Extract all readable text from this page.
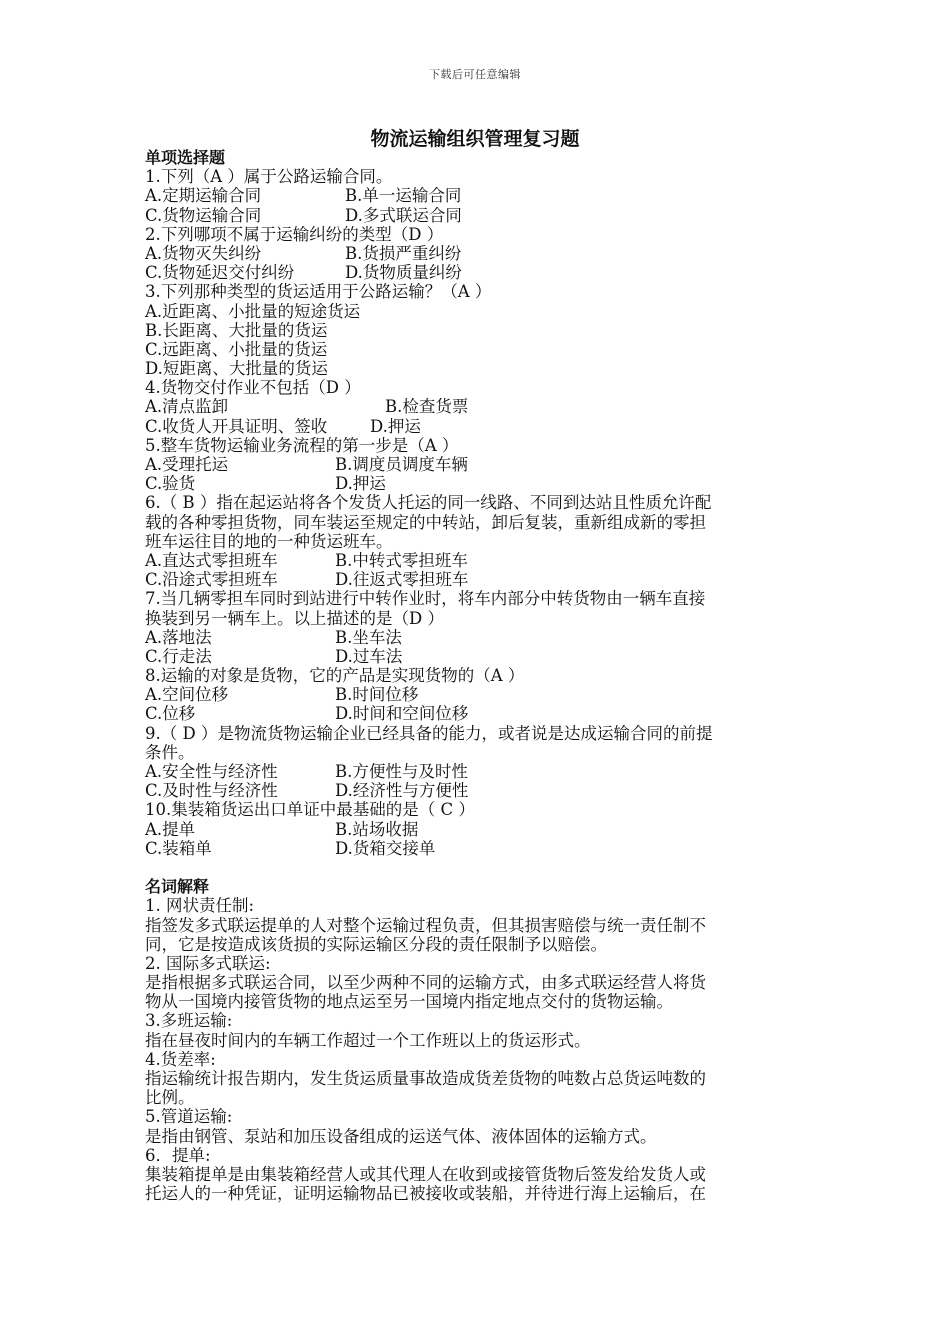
下载后可任意编辑
物流运输组织管理复习题
单项选择题
1.下列（A ）属于公路运输合同。
A.定期运输合同	B.单一运输合同
C.货物运输合同	D.多式联运合同
2.下列哪项不属于运输纠纷的类型（D ）
A.货物灭失纠纷	B.货损严重纠纷
C.货物延迟交付纠纷	D.货物质量纠纷
3.下列那种类型的货运适用于公路运输？（A ）
A.近距离、小批量的短途货运
B.长距离、大批量的货运
C.远距离、小批量的货运
D.短距离、大批量的货运
4.货物交付作业不包括（D ）
A.清点监卸	B.检查货票
C.收货人开具证明、签收	D.押运
5.整车货物运输业务流程的第一步是（A ）
A.受理托运	B.调度员调度车辆
C.验货	D.押运
6.（ B ）指在起运站将各个发货人托运的同一线路、不同到达站且性质允许配
载的各种零担货物，同车装运至规定的中转站，卸后复装，重新组成新的零担
班车运往目的地的一种货运班车。
A.直达式零担班车	B.中转式零担班车
C.沿途式零担班车	D.往返式零担班车
7.当几辆零担车同时到站进行中转作业时，将车内部分中转货物由一辆车直接
换装到另一辆车上。以上描述的是（D ）
A.落地法	B.坐车法
C.行走法	D.过车法
8.运输的对象是货物，它的产品是实现货物的（A ）
A.空间位移	B.时间位移
C.位移	D.时间和空间位移
9.（ D ）是物流货物运输企业已经具备的能力，或者说是达成运输合同的前提
条件。
A.安全性与经济性	B.方便性与及时性
C.及时性与经济性	D.经济性与方便性
10.集装箱货运出口单证中最基础的是（ C ）
A.提单	B.站场收据
C.装箱单	D.货箱交接单
名词解释
1. 网状责任制:
指签发多式联运提单的人对整个运输过程负责，但其损害赔偿与统一责任制不
同，它是按造成该货损的实际运输区分段的责任限制予以赔偿。
2. 国际多式联运:
是指根据多式联运合同，以至少两种不同的运输方式，由多式联运经营人将货
物从一国境内接管货物的地点运至另一国境内指定地点交付的货物运输。
3.多班运输:
指在昼夜时间内的车辆工作超过一个工作班以上的货运形式。
4.货差率:
指运输统计报告期内，发生货运质量事故造成货差货物的吨数占总货运吨数的
比例。
5.管道运输:
是指由钢管、泵站和加压设备组成的运送气体、液体固体的运输方式。
6．提单:
集装箱提单是由集装箱经营人或其代理人在收到或接管货物后签发给发货人或
托运人的一种凭证，证明运输物品已被接收或装船，并待进行海上运输后，在
